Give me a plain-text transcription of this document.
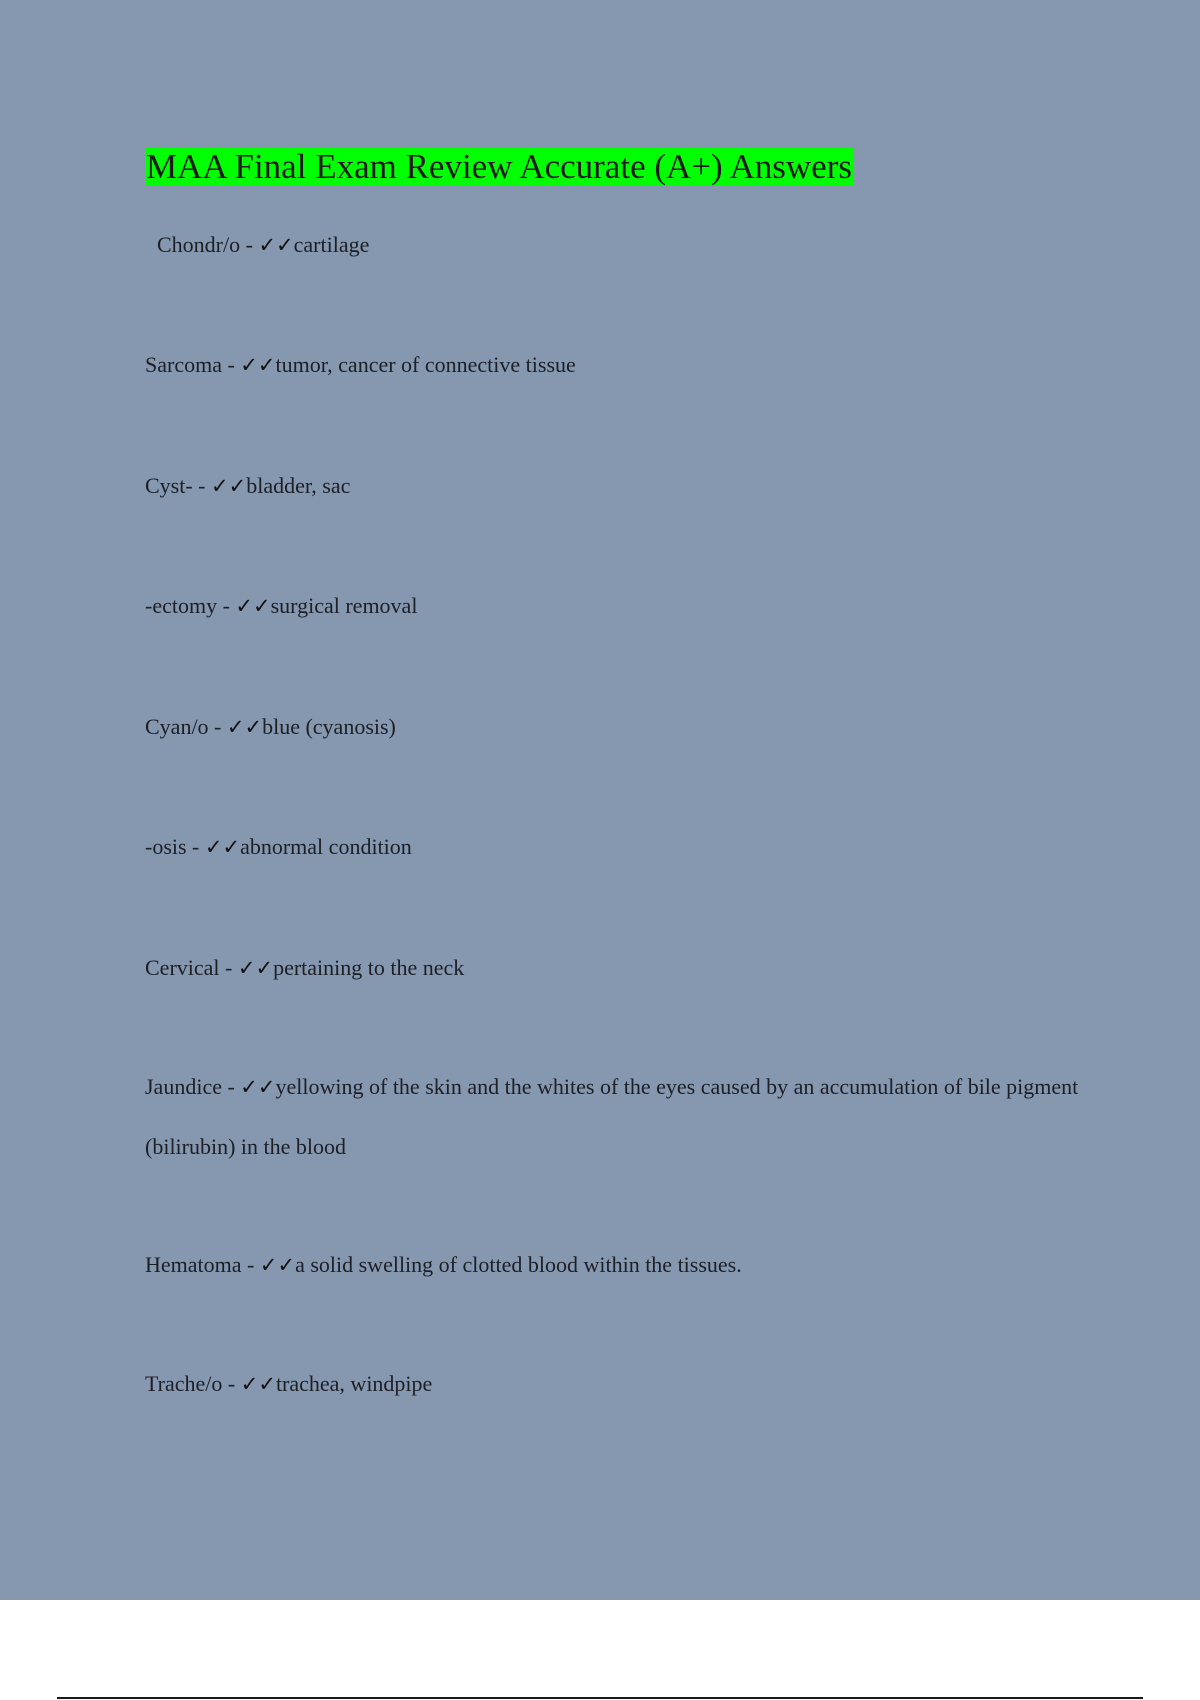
MAA Final Exam Review Accurate (A+) Answers

Chondr/o - ✓✓cartilage

Sarcoma - ✓✓tumor, cancer of connective tissue

Cyst- - ✓✓bladder, sac

-ectomy - ✓✓surgical removal

Cyan/o - ✓✓blue (cyanosis)

-osis - ✓✓abnormal condition

Cervical - ✓✓pertaining to the neck

Jaundice - ✓✓yellowing of the skin and the whites of the eyes caused by an accumulation of bile pigment (bilirubin) in the blood

Hematoma - ✓✓a solid swelling of clotted blood within the tissues.

Trache/o - ✓✓trachea, windpipe
